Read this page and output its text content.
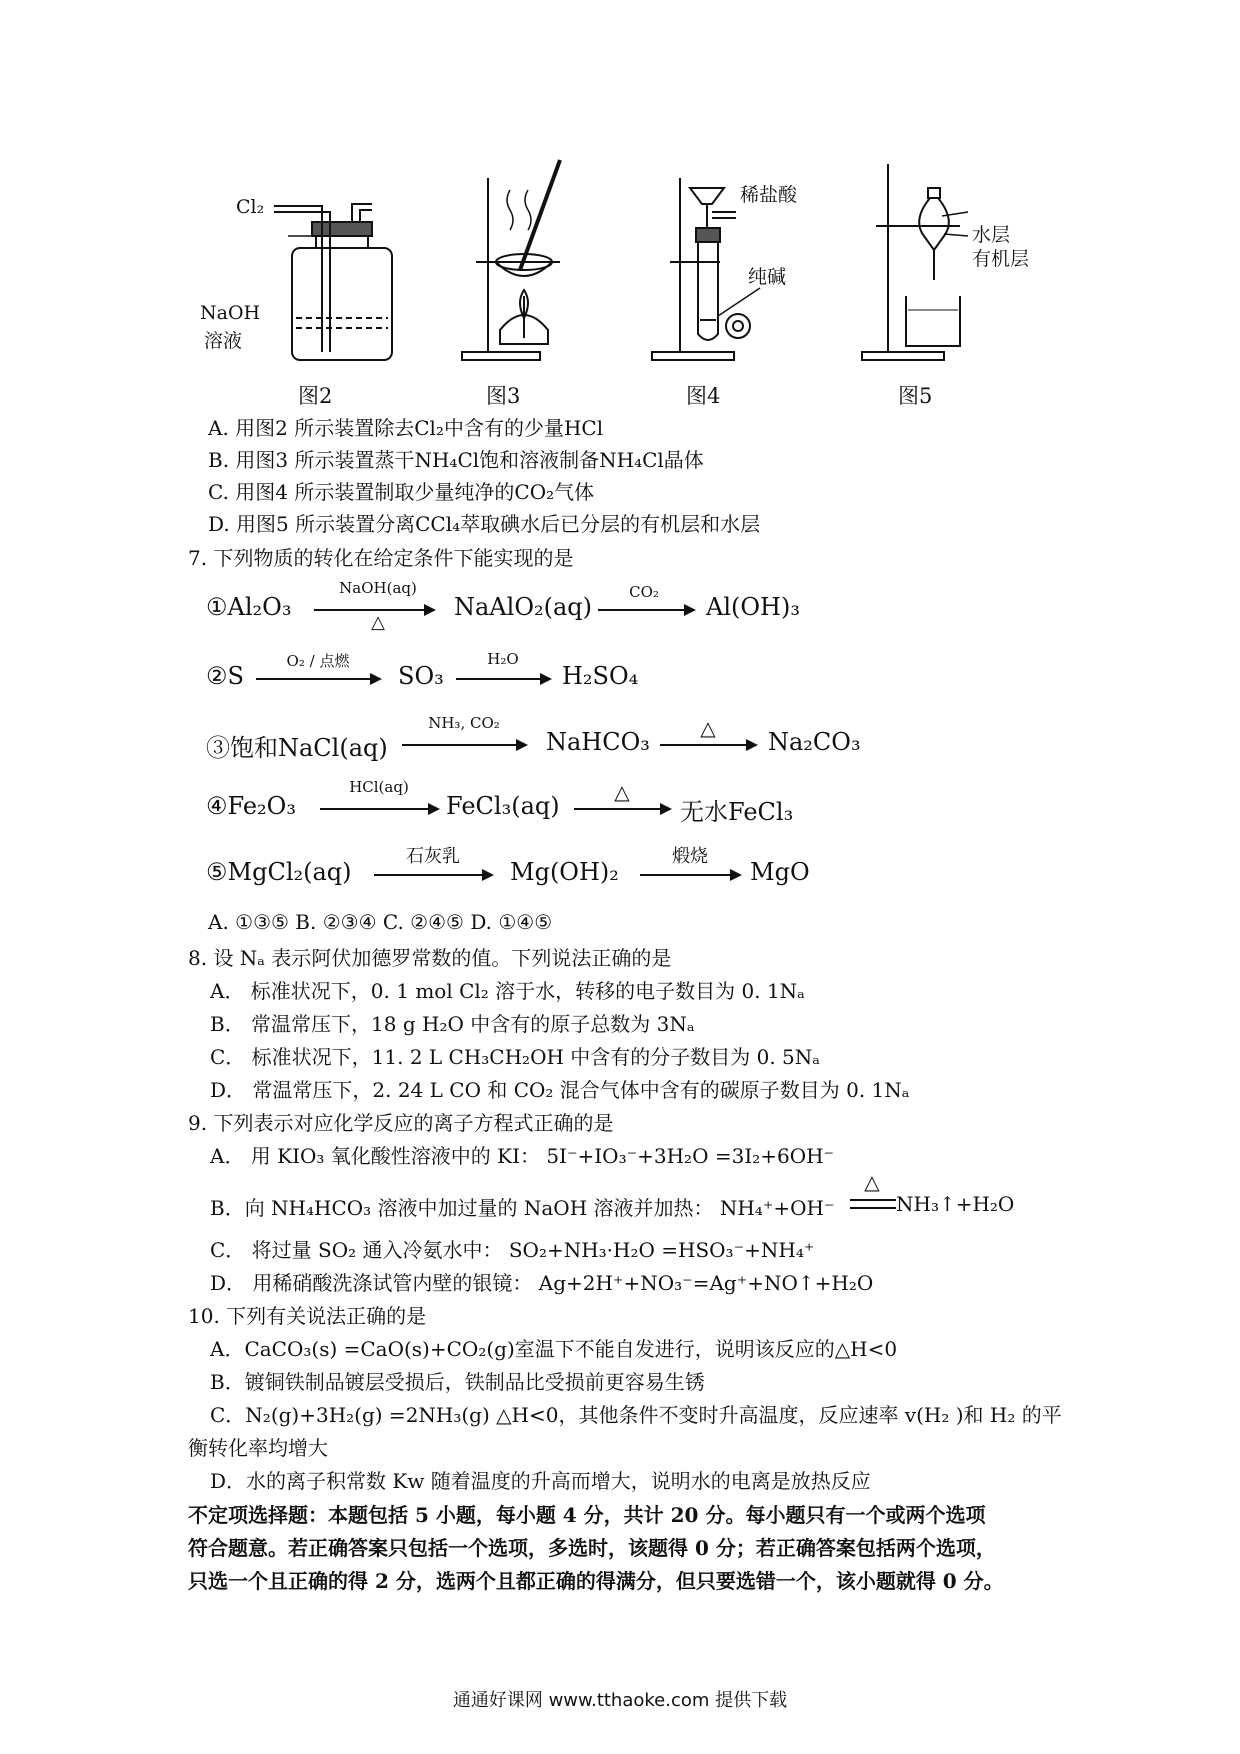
Cl₂
NaOH
溶液
稀盐酸
纯碱
水层
有机层
图2	图3	图4	图5
A. 用图2 所示装置除去Cl₂中含有的少量HCl
B. 用图3 所示装置蒸干NH₄Cl饱和溶液制备NH₄Cl晶体
C. 用图4 所示装置制取少量纯净的CO₂气体
D. 用图5 所示装置分离CCl₄萃取碘水后已分层的有机层和水层
7. 下列物质的转化在给定条件下能实现的是
①Al₂O₃
NaOH(aq)
△
NaAlO₂(aq)
CO₂
Al(OH)₃
②S
O₂ / 点燃
SO₃
H₂O
H₂SO₄
③饱和NaCl(aq)
NH₃, CO₂
NaHCO₃	△	Na₂CO₃
④Fe₂O₃
HCl(aq)
FeCl₃(aq)	△
无水FeCl₃
⑤MgCl₂(aq)
石灰乳
Mg(OH)₂
煅烧
MgO
A. ①③⑤ B. ②③④ C. ②④⑤ D. ①④⑤
8. 设 Nₐ 表示阿伏加德罗常数的值。下列说法正确的是
A． 标准状况下，0. 1 mol Cl₂ 溶于水，转移的电子数目为 0. 1Nₐ
B． 常温常压下，18 g H₂O 中含有的原子总数为 3Nₐ
C． 标准状况下，11. 2 L CH₃CH₂OH 中含有的分子数目为 0. 5Nₐ
D． 常温常压下，2. 24 L CO 和 CO₂ 混合气体中含有的碳原子数目为 0. 1Nₐ
9. 下列表示对应化学反应的离子方程式正确的是
A． 用 KIO₃ 氧化酸性溶液中的 KI： 5I⁻+IO₃⁻+3H₂O =3I₂+6OH⁻
B．向 NH₄HCO₃ 溶液中加过量的 NaOH 溶液并加热： NH₄⁺+OH⁻
△
NH₃↑+H₂O
C． 将过量 SO₂ 通入冷氨水中： SO₂+NH₃·H₂O =HSO₃⁻+NH₄⁺
D． 用稀硝酸洗涤试管内壁的银镜： Ag+2H⁺+NO₃⁻=Ag⁺+NO↑+H₂O
10. 下列有关说法正确的是
A．CaCO₃(s) =CaO(s)+CO₂(g)室温下不能自发进行，说明该反应的△H<0
B．镀铜铁制品镀层受损后，铁制品比受损前更容易生锈
C．N₂(g)+3H₂(g) =2NH₃(g) △H<0，其他条件不变时升高温度，反应速率 v(H₂ )和 H₂ 的平
衡转化率均增大
D．水的离子积常数 Kw 随着温度的升高而增大，说明水的电离是放热反应
不定项选择题：本题包括 5 小题，每小题 4 分，共计 20 分。每小题只有一个或两个选项
符合题意。若正确答案只包括一个选项，多选时，该题得 0 分；若正确答案包括两个选项，
只选一个且正确的得 2 分，选两个且都正确的得满分，但只要选错一个，该小题就得 0 分。
通通好课网 www.tthaoke.com 提供下载
